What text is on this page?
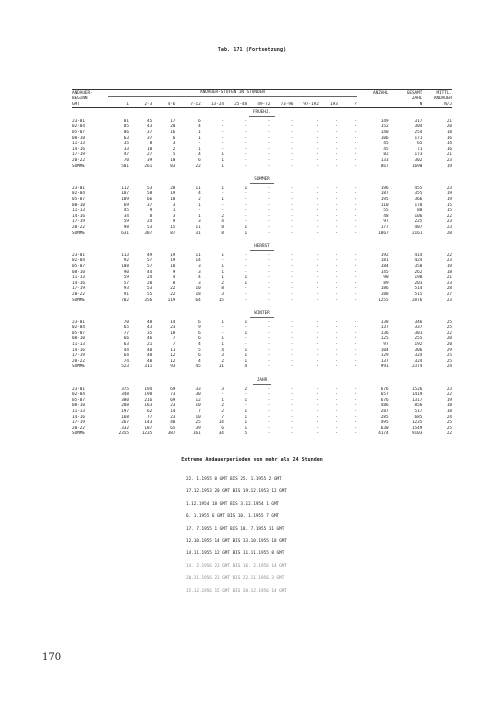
Tab. 171 (Fortsetzung)
ANDAUER-	ANDAUER-STUFEN IN STUNDEN											ANZAHL	GESAMT	MITTL.
BEGINN													ZAHL	ANDAUER
GMT	1	2-3	4-6	7-12	13-24	25-48	49-72	73-96	97-192	193	?		N	N/J
FRUEHJ.														
23-01	81	45	17	6	-	-	-	-	-	-	-	149	317	21
02-04	85	43	20	4	-	-	-	-	-	-	-	152	304	20
05-07	86	37	16	1	-	-	-	-	-	-	-	140	254	18
08-10	63	37	6	1	-	-	-	-	-	-	-	106	171	16
11-13	35	8	3	-	-	-	-	-	-	-	-	45	65	14
14-16	33	10	2	1	-	-	-	-	-	-	-	45	71	16
17-19	47	27	5	4	1	-	-	-	-	-	-	82	173	21
20-22	70	39	18	6	1	-	-	-	-	-	-	133	302	23
SUMME	501	261	83	22	1	-	-	-	-	-	-	867	1690	19

SOMMER														
23-01	112	53	20	11	1	1	-	-	-	-	-	196	455	23
02-04	107	58	19	4	-	-	-	-	-	-	-	187	355	19
05-07	109	66	18	2	1	-	-	-	-	-	-	195	366	19
08-10	69	37	3	1	-	-	-	-	-	-	-	110	170	15
11-13	45	9	1	-	-	-	-	-	-	-	-	55	80	15
14-16	34	8	3	1	2	-	-	-	-	-	-	48	106	22
17-19	59	24	9	3	4	-	-	-	-	-	-	97	225	23
20-22	98	53	15	11	8	1	-	-	-	-	-	177	407	23
SUMME	631	307	87	31	8	1	-	-	-	-	-	1067	2161	20

HERBST														
23-01	113	49	19	11	1	-	-	-	-	-	-	192	414	22
02-04	92	57	19	14	-	-	-	-	-	-	-	181	424	23
05-07	108	57	18	3	1	-	-	-	-	-	-	184	358	19
08-10	90	44	9	3	1	-	-	-	-	-	-	145	262	18
11-13	59	24	4	4	1	1	-	-	-	-	-	90	190	21
14-16	57	20	8	3	2	1	-	-	-	-	-	89	203	23
17-19	93	53	22	10	8	-	-	-	-	-	-	186	514	28
20-22	91	55	22	18	3	-	-	-	-	-	-	188	515	27
SUMME	702	356	119	64	15	-	-	-	-	-	-	1255	2876	23

WINTER														
23-01	70	48	14	6	1	1	-	-	-	-	-	138	346	25
02-04	65	43	23	9	-	-	-	-	-	-	-	137	337	25
05-07	77	35	18	6	-	1	-	-	-	-	-	136	301	22
08-10	66	46	7	6	1	-	-	-	-	-	-	125	255	20
11-13	63	21	7	4	1	-	-	-	-	-	-	97	192	20
14-16	44	40	11	5	4	1	-	-	-	-	-	104	306	29
17-19	64	40	12	6	3	1	-	-	-	-	-	129	324	25
20-22	74	40	12	4	2	1	-	-	-	-	-	137	324	25
SUMME	523	311	93	45	11	4	-	-	-	-	-	991	2374	24

JAHR														
23-01	375	194	69	33	3	2	-	-	-	-	-	676	1526	23
02-04	348	198	73	30	-	-	-	-	-	-	-	657	1419	22
05-07	380	216	69	12	1	1	-	-	-	-	-	676	1317	19
08-10	288	163	23	10	2	-	-	-	-	-	-	486	856	18
11-13	197	62	14	7	2	1	-	-	-	-	-	287	517	18
14-16	168	77	23	10	7	1	-	-	-	-	-	285	685	24
17-19	267	143	48	25	14	1	-	-	-	-	-	495	1235	25
20-22	332	187	65	39	6	1	-	-	-	-	-	630	1549	25
SUMME	2355	1235	387	161	34	5	-	-	-	-	-	4174	9103	22
Extreme Andauerperioden von mehr als 24 Stunden
22. 1.1955 0 GMT BIS 25. 1.1955 2 GMT
17.12.1953 20 GMT BIS 19.12.1953 12 GMT
1.12.1954 18 GMT BIS 3.12.1954 1 GMT
6. 1.1955 6 GMT BIS 10. 1.1955 7 GMT
17. 7.1955 1 GMT BIS 18. 7.1955 11 GMT
12.10.1955 14 GMT BIS 13.10.1955 18 GMT
14.11.1955 12 GMT BIS 11.11.1955 8 GMT
14. 2.1956 23 GMT BIS 16. 2.1956 14 GMT
20.11.1956 22 GMT BIS 22.11.1956 3 GMT
15.12.1956 15 GMT BIS 20.12.1956 14 GMT
170
